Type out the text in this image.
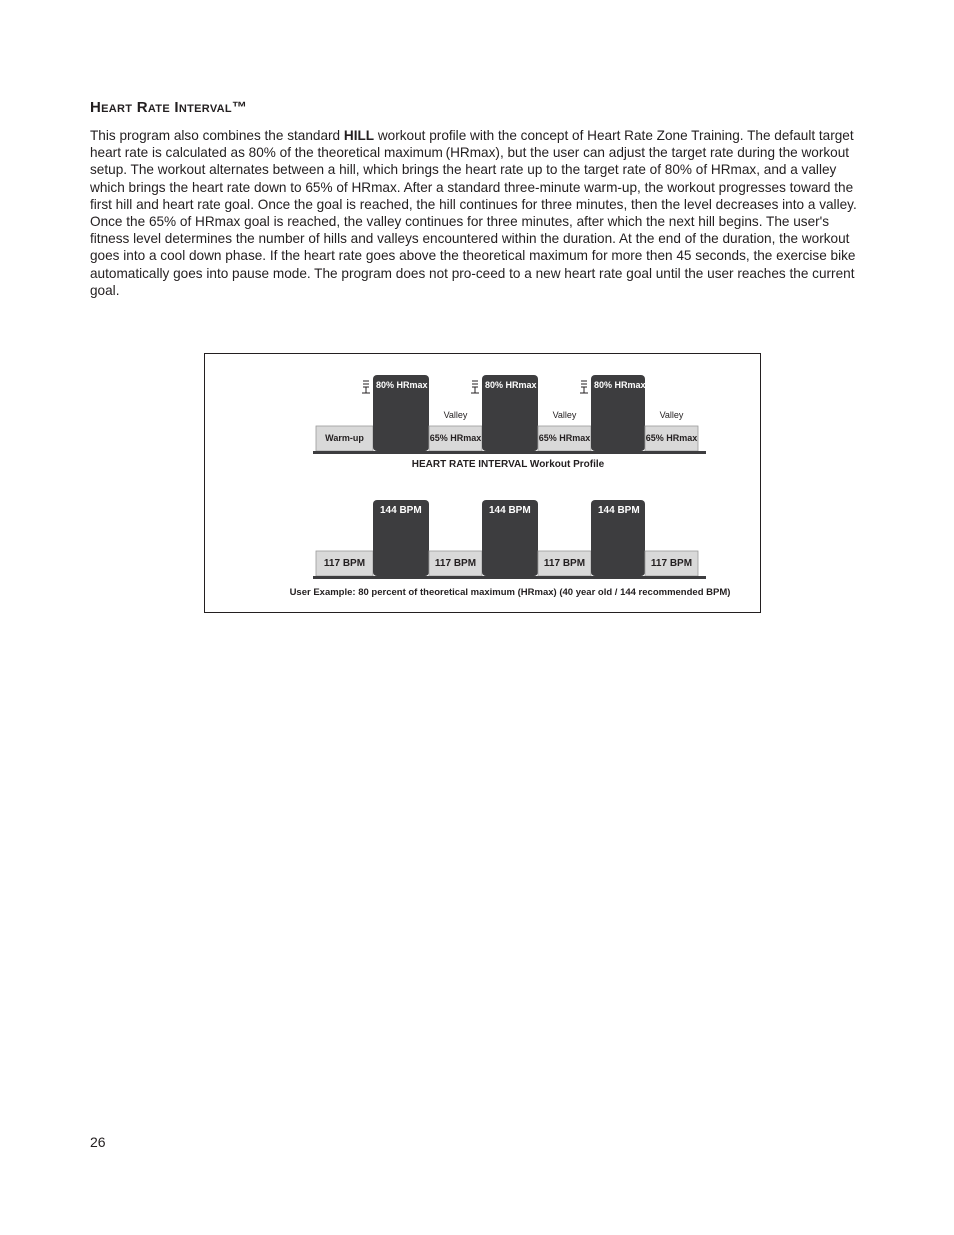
Heart Rate Interval™

This program also combines the standard HILL workout profile with the concept of Heart Rate Zone Training. The default target heart rate is calculated as 80% of the theoretical maximum (HRmax), but the user can adjust the target rate during the workout setup. The workout alternates between a hill, which brings the heart rate up to the target rate of 80% of HRmax, and a valley which brings the heart rate down to 65% of HRmax. After a standard three-minute warm-up, the workout progresses toward the first hill and heart rate goal. Once the goal is reached, the hill continues for three minutes, then the level decreases into a valley. Once the 65% of HRmax goal is reached, the valley continues for three minutes, after which the next hill begins. The user's fitness level determines the number of hills and valleys encountered within the duration. At the end of the duration, the workout goes into a cool down phase. If the heart rate goes above the theoretical maximum for more then 45 seconds, the exercise bike automatically goes into pause mode. The program does not pro-ceed to a new heart rate goal until the user reaches the current goal.

Warm-up
80% HRmax
65% HRmax
Valley
80% HRmax
65% HRmax
Valley
80% HRmax
65% HRmax
Valley
HEART RATE INTERVAL Workout Profile
117 BPM
144 BPM
117 BPM
144 BPM
117 BPM
144 BPM
117 BPM
User Example: 80 percent of theoretical maximum (HRmax) (40 year old / 144 recommended BPM)

26
